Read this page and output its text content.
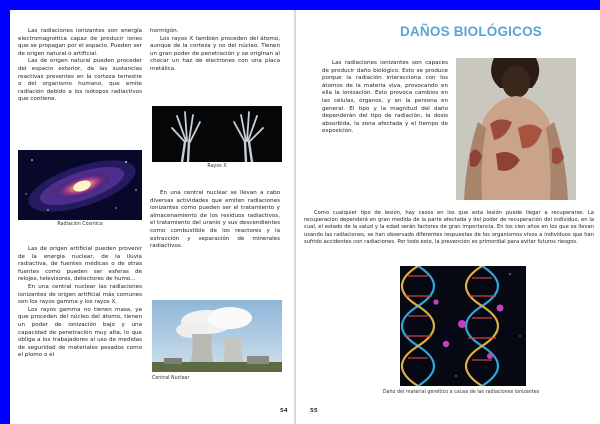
Las radiaciones ionizantes son energía electromagnética capaz de producir iones que se propagan por el espacio. Pueden ser de origen natural o artificial.

Las de origen natural pueden proceder del espacio exterior, de las sustancias reactivas presentes en la corteza terrestre o del organismo humano, que emite radiación debido a los isótopos radiactivos que contiene.

Radiación Cósmica

Las de origen artificial pueden provenir de la energía nuclear, de la lluvia radiactiva, de fuentes médicas o de otras fuentes como pueden ser esferas de relojes, televisores, detectores de humo...

En una central nuclear las radiaciones ionizantes de origen artificial más comunes son los rayos gamma y los rayos X.

Los rayos gamma no tienen masa, ya que proceden del núcleo del átomo, tienen un poder de ionización bajo y una capacidad de penetración muy alta, lo que obliga a los trabajadores al uso de medidas de seguridad de materiales pesados como el plomo o el

hormigón.

Los rayos X también proceden del átomo, aunque de la corteza y no del núcleo. Tienen un gran poder de penetración y se originan al chocar un haz de electrones con una placa metálica.

Rayos X

En una central nuclear se llevan a cabo diversas actividades que emiten radiaciones ionizantes como pueden ser el tratamiento y almacenamiento de los residuos radiactivos, el tratamiento del uranio y sus descendientes como combustible de los reactores y la extracción y separación de minerales radiactivos.

Central Nuclear
54
DAÑOS BIOLÓGICOS

Las radiaciones ionizantes son capaces de producir daño biológico. Esto se produce porque la radiación interacciona con los átomos de la materia viva, provocando en ella la ionización. Esto provoca cambios en las células, órganos, y en la persona en general. El tipo y la magnitud del daño dependerán del tipo de radiación, la dosis absorbida, la zona afectada y el tiempo de exposición.

Como cualquier tipo de lesión, hay casos en los que esta lesión puede llegar a recuperarse. La recuperación dependerá en gran medida de la parte afectada y del poder de recuperación del individuo, en la cual, el estado de la salud y la edad serán factores de gran importancia. En los cien años en los que se llevan usando las radiaciones, se han observado diferentes respuestas de los organismos vivos a individuos que han sufrido accidentes con radiaciones. Por todo esto, la prevención es primordial para evitar futuros riesgos.

Daño del material genético a causa de las radiaciones ionizantes
55
